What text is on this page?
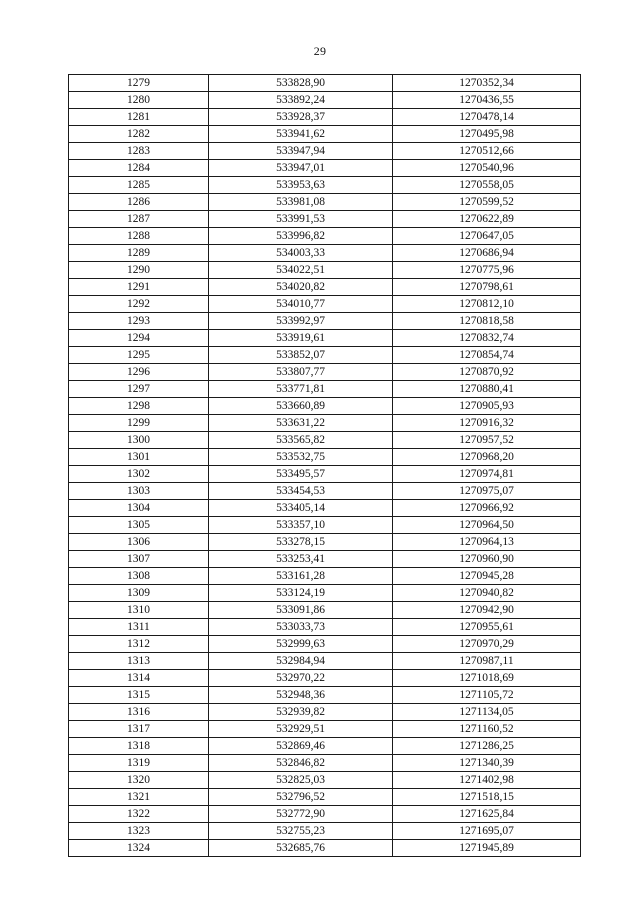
29
1279	533828,90	1270352,34
1280	533892,24	1270436,55
1281	533928,37	1270478,14
1282	533941,62	1270495,98
1283	533947,94	1270512,66
1284	533947,01	1270540,96
1285	533953,63	1270558,05
1286	533981,08	1270599,52
1287	533991,53	1270622,89
1288	533996,82	1270647,05
1289	534003,33	1270686,94
1290	534022,51	1270775,96
1291	534020,82	1270798,61
1292	534010,77	1270812,10
1293	533992,97	1270818,58
1294	533919,61	1270832,74
1295	533852,07	1270854,74
1296	533807,77	1270870,92
1297	533771,81	1270880,41
1298	533660,89	1270905,93
1299	533631,22	1270916,32
1300	533565,82	1270957,52
1301	533532,75	1270968,20
1302	533495,57	1270974,81
1303	533454,53	1270975,07
1304	533405,14	1270966,92
1305	533357,10	1270964,50
1306	533278,15	1270964,13
1307	533253,41	1270960,90
1308	533161,28	1270945,28
1309	533124,19	1270940,82
1310	533091,86	1270942,90
1311	533033,73	1270955,61
1312	532999,63	1270970,29
1313	532984,94	1270987,11
1314	532970,22	1271018,69
1315	532948,36	1271105,72
1316	532939,82	1271134,05
1317	532929,51	1271160,52
1318	532869,46	1271286,25
1319	532846,82	1271340,39
1320	532825,03	1271402,98
1321	532796,52	1271518,15
1322	532772,90	1271625,84
1323	532755,23	1271695,07
1324	532685,76	1271945,89
